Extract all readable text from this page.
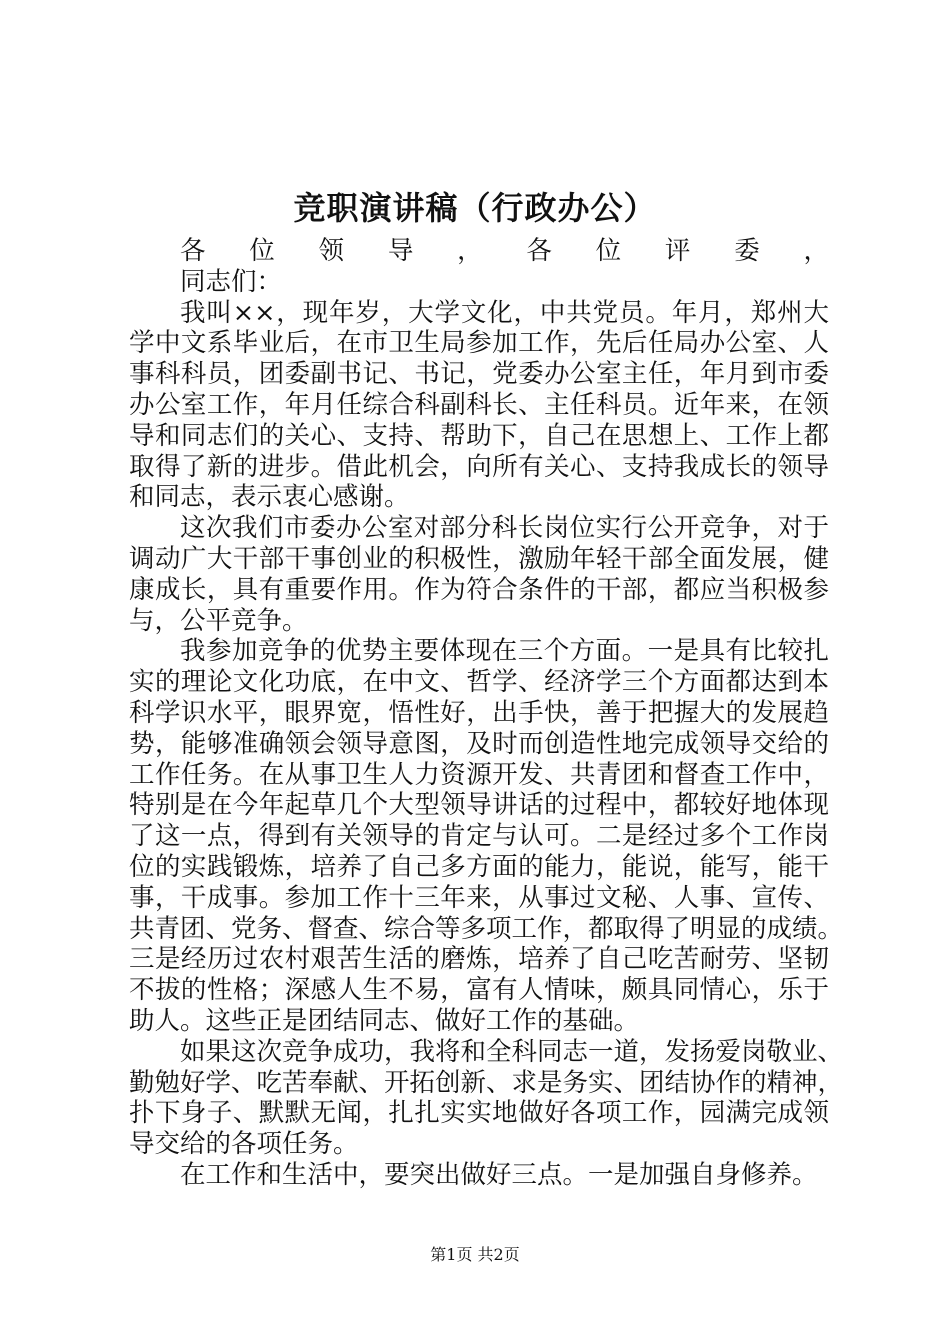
竞职演讲稿（行政办公）
各位领导，各位评委，
同志们：
我叫××，现年岁，大学文化，中共党员。年月，郑州大
学中文系毕业后，在市卫生局参加工作，先后任局办公室、人
事科科员，团委副书记、书记，党委办公室主任，年月到市委
办公室工作，年月任综合科副科长、主任科员。近年来，在领
导和同志们的关心、支持、帮助下，自己在思想上、工作上都
取得了新的进步。借此机会，向所有关心、支持我成长的领导
和同志，表示衷心感谢。
这次我们市委办公室对部分科长岗位实行公开竞争，对于
调动广大干部干事创业的积极性，激励年轻干部全面发展，健
康成长，具有重要作用。作为符合条件的干部，都应当积极参
与，公平竞争。
我参加竞争的优势主要体现在三个方面。一是具有比较扎
实的理论文化功底，在中文、哲学、经济学三个方面都达到本
科学识水平，眼界宽，悟性好，出手快，善于把握大的发展趋
势，能够准确领会领导意图，及时而创造性地完成领导交给的
工作任务。在从事卫生人力资源开发、共青团和督查工作中，
特别是在今年起草几个大型领导讲话的过程中，都较好地体现
了这一点，得到有关领导的肯定与认可。二是经过多个工作岗
位的实践锻炼，培养了自己多方面的能力，能说，能写，能干
事，干成事。参加工作十三年来，从事过文秘、人事、宣传、
共青团、党务、督查、综合等多项工作，都取得了明显的成绩。
三是经历过农村艰苦生活的磨炼，培养了自己吃苦耐劳、坚韧
不拔的性格；深感人生不易，富有人情味，颇具同情心，乐于
助人。这些正是团结同志、做好工作的基础。
如果这次竞争成功，我将和全科同志一道，发扬爱岗敬业、
勤勉好学、吃苦奉献、开拓创新、求是务实、团结协作的精神，
扑下身子、默默无闻，扎扎实实地做好各项工作，园满完成领
导交给的各项任务。
在工作和生活中，要突出做好三点。一是加强自身修养。
第1页 共2页
